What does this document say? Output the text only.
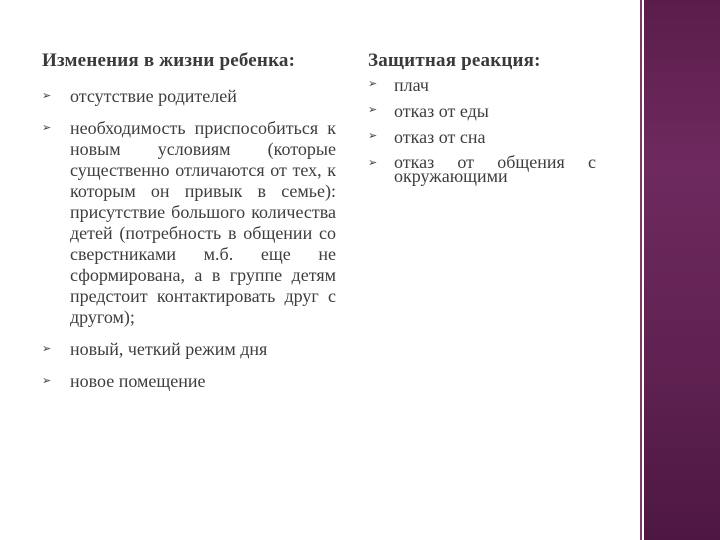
Изменения в жизни ребенка:
➢ отсутствие родителей
➢ необходимость приспособиться к новым условиям (которые существенно отличаются от тех, к которым он привык в семье): присутствие большого количества детей (потребность в общении со сверстниками м.б. еще не сформирована, а в группе детям предстоит контактировать друг с другом);
➢ новый, четкий режим дня
➢ новое помещение
Защитная реакция:
➢ плач
➢ отказ от еды
➢ отказ от сна
➢ отказ от общения с окружающими
